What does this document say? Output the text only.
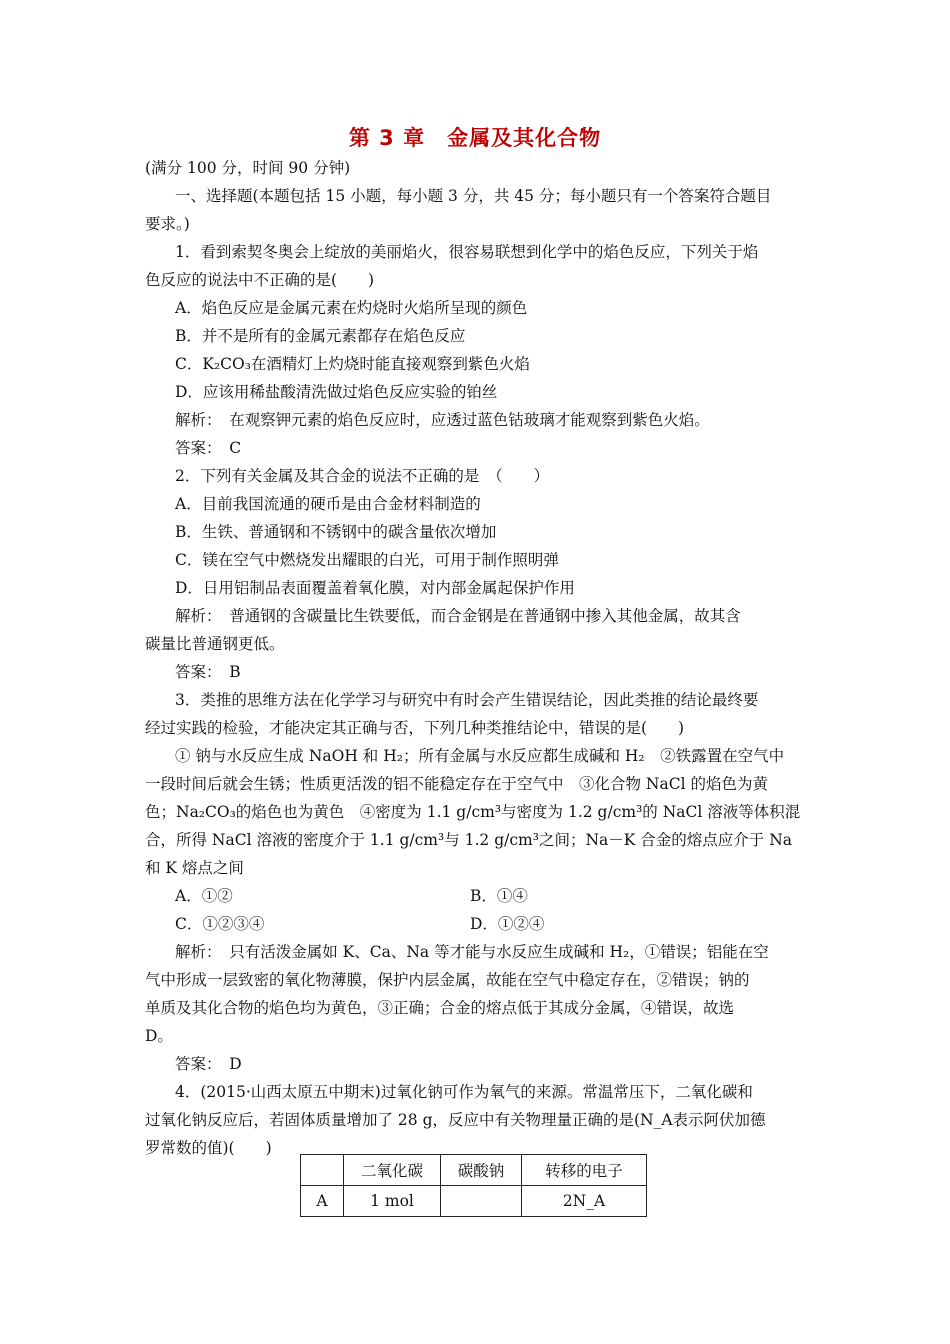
第 3 章　金属及其化合物
(满分 100 分，时间 90 分钟)
一、选择题(本题包括 15 小题，每小题 3 分，共 45 分；每小题只有一个答案符合题目
要求。)
1．看到索契冬奥会上绽放的美丽焰火，很容易联想到化学中的焰色反应，下列关于焰
色反应的说法中不正确的是(　　)
A．焰色反应是金属元素在灼烧时火焰所呈现的颜色
B．并不是所有的金属元素都存在焰色反应
C．K₂CO₃在酒精灯上灼烧时能直接观察到紫色火焰
D．应该用稀盐酸清洗做过焰色反应实验的铂丝
解析：　在观察钾元素的焰色反应时，应透过蓝色钴玻璃才能观察到紫色火焰。
答案：　C
2．下列有关金属及其合金的说法不正确的是　（　　）
A．目前我国流通的硬币是由合金材料制造的
B．生铁、普通钢和不锈钢中的碳含量依次增加
C．镁在空气中燃烧发出耀眼的白光，可用于制作照明弹
D．日用铝制品表面覆盖着氧化膜，对内部金属起保护作用
解析：　普通钢的含碳量比生铁要低，而合金钢是在普通钢中掺入其他金属，故其含
碳量比普通钢更低。
答案：　B
3．类推的思维方法在化学学习与研究中有时会产生错误结论，因此类推的结论最终要
经过实践的检验，才能决定其正确与否，下列几种类推结论中，错误的是(　　)
① 钠与水反应生成 NaOH 和 H₂；所有金属与水反应都生成碱和 H₂　②铁露置在空气中
一段时间后就会生锈；性质更活泼的铝不能稳定存在于空气中　③化合物 NaCl 的焰色为黄
色；Na₂CO₃的焰色也为黄色　④密度为 1.1 g/cm³与密度为 1.2 g/cm³的 NaCl 溶液等体积混
合，所得 NaCl 溶液的密度介于 1.1 g/cm³与 1.2 g/cm³之间；Na－K 合金的熔点应介于 Na
和 K 熔点之间
A．①②	B．①④
C．①②③④	D．①②④
解析：　只有活泼金属如 K、Ca、Na 等才能与水反应生成碱和 H₂，①错误；铝能在空
气中形成一层致密的氧化物薄膜，保护内层金属，故能在空气中稳定存在，②错误；钠的
单质及其化合物的焰色均为黄色，③正确；合金的熔点低于其成分金属，④错误，故选
D。
答案：　D
4．(2015·山西太原五中期末)过氧化钠可作为氧气的来源。常温常压下，二氧化碳和
过氧化钠反应后，若固体质量增加了 28 g，反应中有关物理量正确的是(N_A表示阿伏加德
罗常数的值)(　　)
	二氧化碳	碳酸钠	转移的电子
A	1 mol		2N_A
